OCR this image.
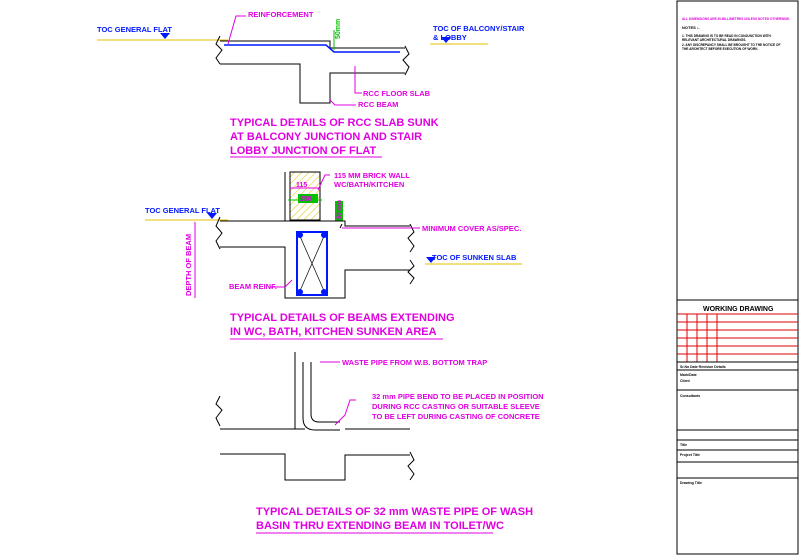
TOC GENERAL FLAT	TOC OF BALCONY/STAIR
& LOBBY
50mm
REINFORCEMENT
RCC FLOOR SLAB
RCC BEAM
TYPICAL DETAILS OF RCC SLAB SUNK
AT BALCONY JUNCTION AND STAIR
LOBBY JUNCTION OF FLAT
115
250
50 mm
115 MM BRICK WALL
WC/BATH/KITCHEN
TOC GENERAL FLAT
DEPTH OF BEAM
MINIMUM COVER AS/SPEC.
TOC OF SUNKEN SLAB
BEAM REINF.
TYPICAL DETAILS OF BEAMS EXTENDING
IN WC, BATH, KITCHEN SUNKEN AREA
WASTE PIPE FROM W.B. BOTTOM TRAP
32 mm PIPE BEND TO BE PLACED IN POSITION
DURING RCC CASTING OR SUITABLE SLEEVE
TO BE LEFT DURING CASTING OF CONCRETE
TYPICAL DETAILS OF 32 mm WASTE PIPE OF WASH
BASIN THRU EXTENDING BEAM IN TOILET/WC
ALL DIMENSIONS ARE IN MILLIMETRES UNLESS NOTED OTHERWISE.
NOTES :-
1. THIS DRAWING IS TO BE READ IN CONJUNCTION WITH
RELEVANT ARCHITECTURAL DRAWINGS.
2. ANY DISCREPANCY SHALL BE BROUGHT TO THE NOTICE OF
THE ARCHITECT BEFORE EXECUTION OF WORK.
WORKING DRAWING
Sr.No Date Revision Details
Mark/Date
Client
Consultants
Title
Project Title
Drawing Title
